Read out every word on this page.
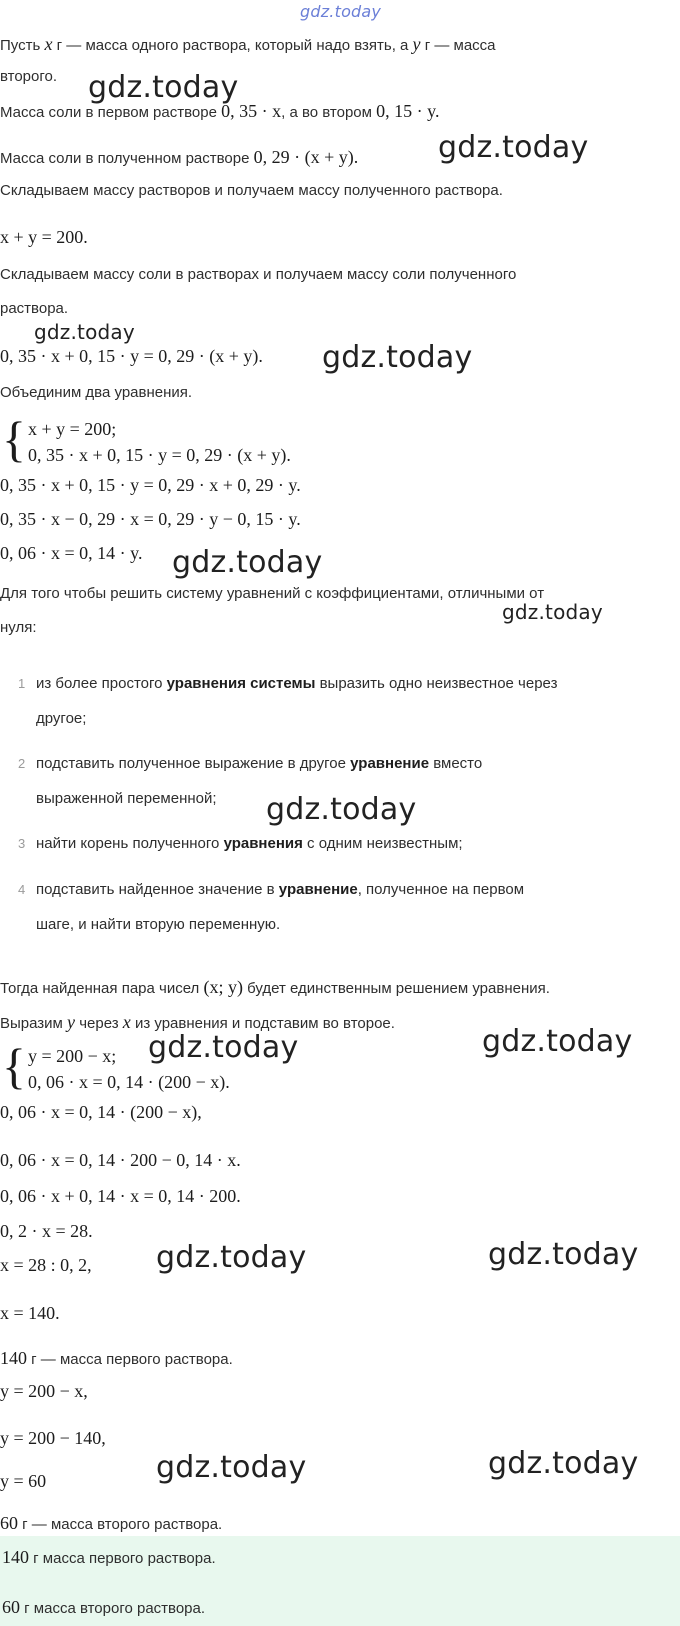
gdz.today
Пусть x г — масса одного раствора, который надо взять, а y г — масса
второго.	gdz.today
Масса соли в первом растворе 0, 35 · x, а во втором 0, 15 · y.
Масса соли в полученном растворе 0, 29 · (x + y).	gdz.today
Складываем массу растворов и получаем массу полученного раствора.
x + y = 200.
Складываем массу соли в растворах и получаем массу соли полученного
раствора.
gdz.today
0, 35 · x + 0, 15 · y = 0, 29 · (x + y).	gdz.today
Объединим два уравнения.
{ x + y = 200;
0, 35 · x + 0, 15 · y = 0, 29 · (x + y).
0, 35 · x + 0, 15 · y = 0, 29 · x + 0, 29 · y.
0, 35 · x − 0, 29 · x = 0, 29 · y − 0, 15 · y.
0, 06 · x = 0, 14 · y. gdz.today
Для того чтобы решить систему уравнений с коэффициентами, отличными от
нуля:
gdz.today
1 из более простого уравнения системы выразить одно неизвестное через
другое;
2 подставить полученное выражение в другое уравнение вместо
выраженной переменной;	gdz.today
3 найти корень полученного уравнения с одним неизвестным;
4 подставить найденное значение в уравнение, полученное на первом
шаге, и найти вторую переменную.
Тогда найденная пара чисел (x; y) будет единственным решением уравнения.
Выразим y через x из уравнения и подставим во второе.
{ y = 200 − x;
0, 06 · x = 0, 14 · (200 − x).
gdz.today	gdz.today
0, 06 · x = 0, 14 · (200 − x),
0, 06 · x = 0, 14 · 200 − 0, 14 · x.
0, 06 · x + 0, 14 · x = 0, 14 · 200.
0, 2 · x = 28.
x = 28 : 0, 2,	gdz.today	gdz.today
x = 140.
140 г — масса первого раствора.
y = 200 − x,
y = 200 − 140,
y = 60	gdz.today	gdz.today
60 г — масса второго раствора.
140 г масса первого раствора.
60 г масса второго раствора.
